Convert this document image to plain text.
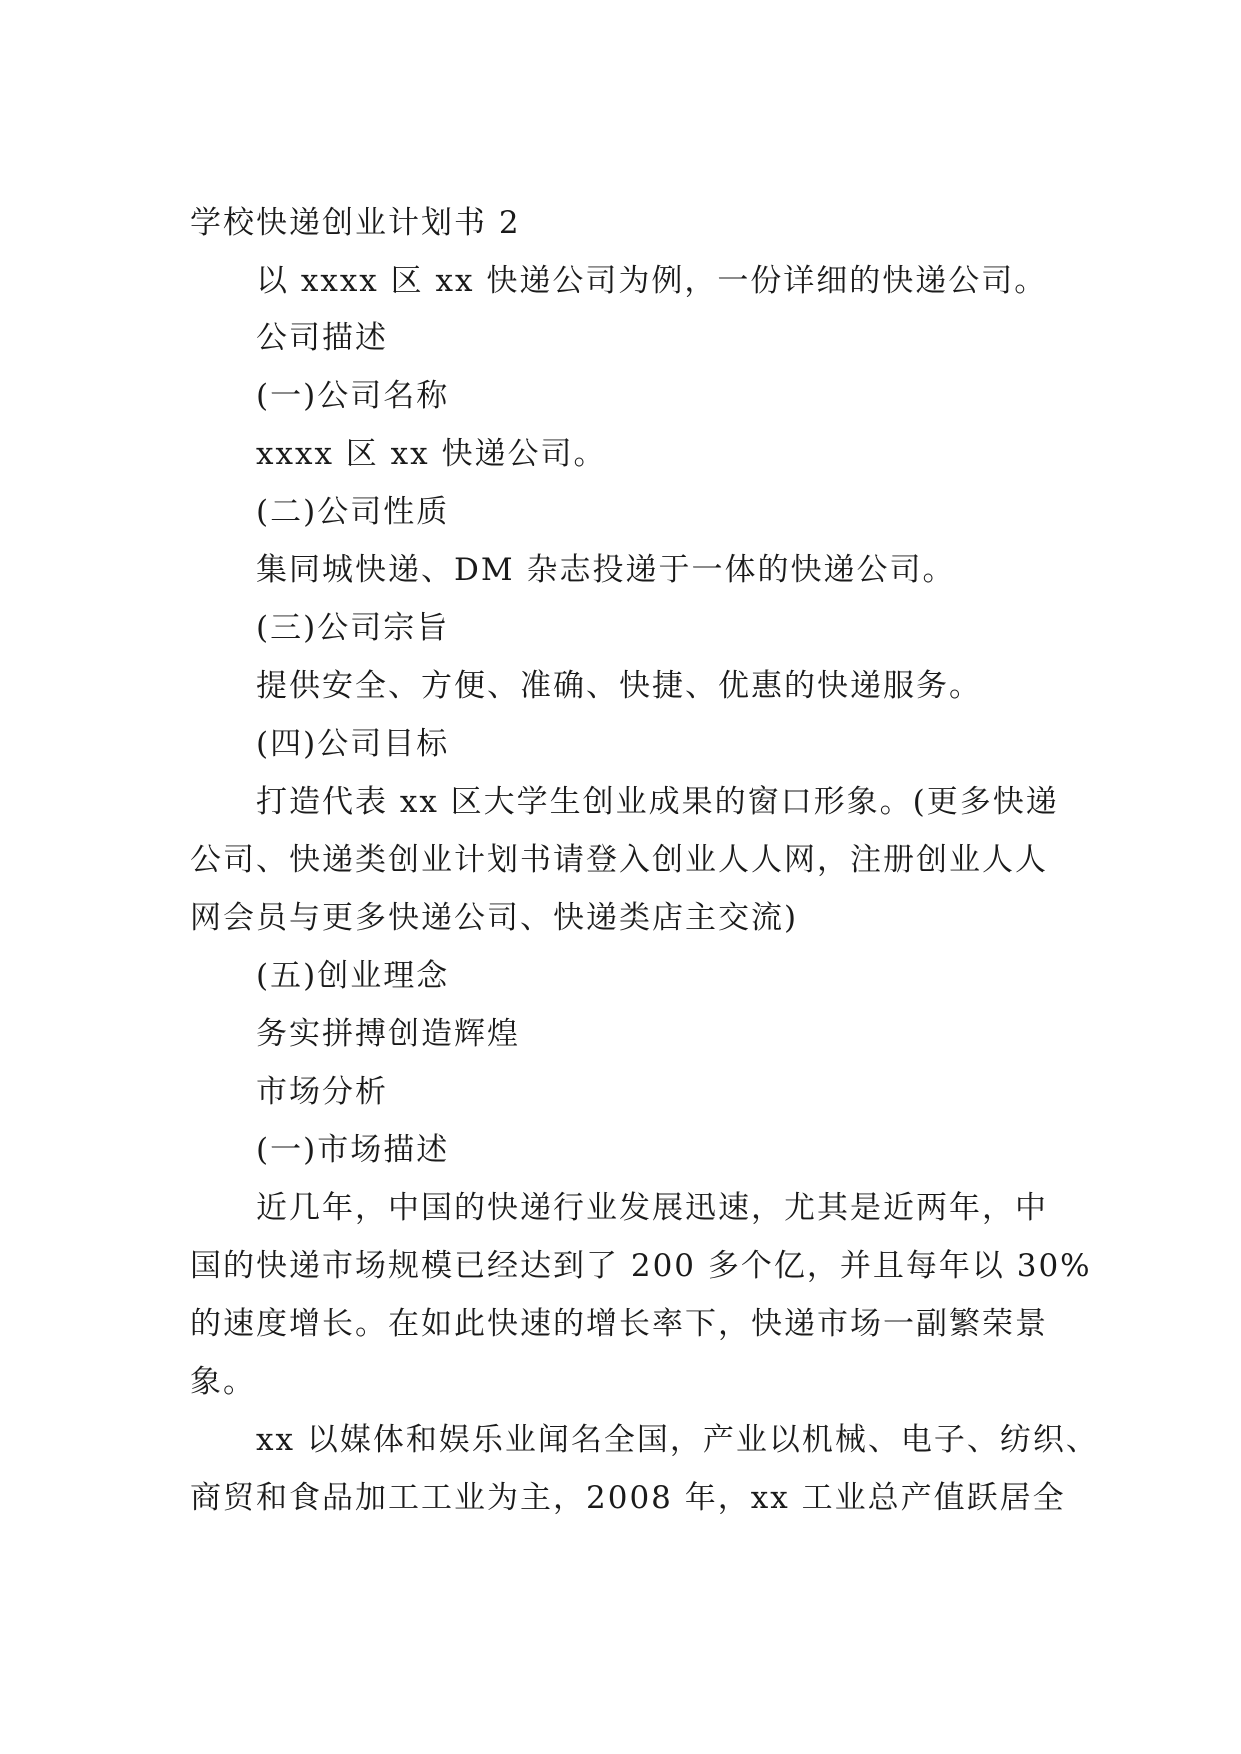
学校快递创业计划书 2
以 xxxx 区 xx 快递公司为例，一份详细的快递公司。
公司描述
(一)公司名称
xxxx 区 xx 快递公司。
(二)公司性质
集同城快递、DM 杂志投递于一体的快递公司。
(三)公司宗旨
提供安全、方便、准确、快捷、优惠的快递服务。
(四)公司目标
打造代表 xx 区大学生创业成果的窗口形象。(更多快递
公司、快递类创业计划书请登入创业人人网，注册创业人人
网会员与更多快递公司、快递类店主交流)
(五)创业理念
务实拼搏创造辉煌
市场分析
(一)市场描述
近几年，中国的快递行业发展迅速，尤其是近两年，中
国的快递市场规模已经达到了 200 多个亿，并且每年以 30%
的速度增长。在如此快速的增长率下，快递市场一副繁荣景
象。
xx 以媒体和娱乐业闻名全国，产业以机械、电子、纺织、
商贸和食品加工工业为主，2008 年，xx 工业总产值跃居全
